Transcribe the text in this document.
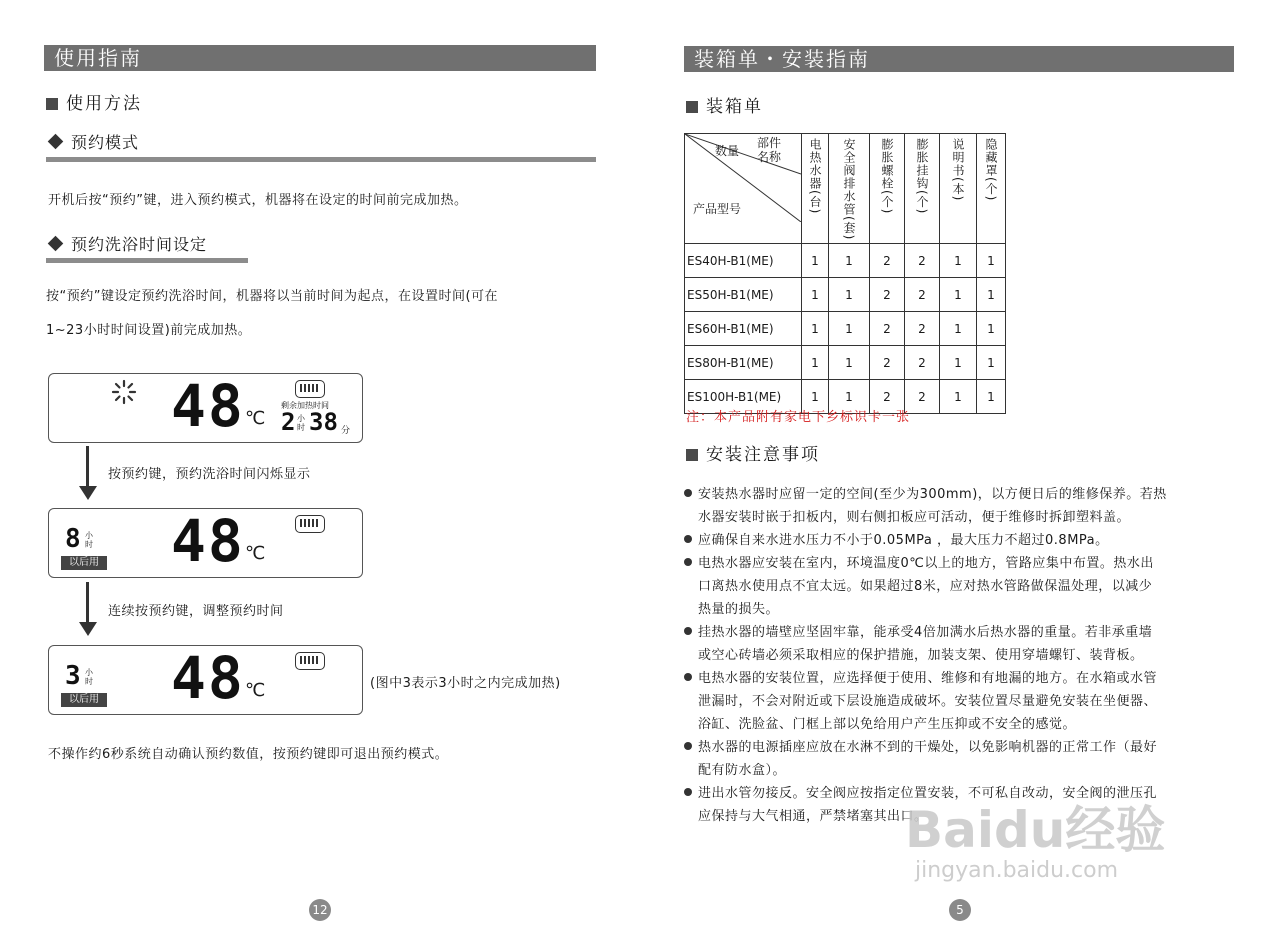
使用指南
使用方法
预约模式
开机后按“预约”键，进入预约模式，机器将在设定的时间前完成加热。
预约洗浴时间设定
按“预约”键设定预约洗浴时间，机器将以当前时间为起点，在设置时间(可在
1~23小时时间设置)前完成加热。
48 ℃
剩余加热时间
2 小时 38 分
按预约键，预约洗浴时间闪烁显示
8 小时
以后用 48 ℃
连续按预约键，调整预约时间
3 小时
以后用 48 ℃	(图中3表示3小时之内完成加热)
不操作约6秒系统自动确认预约数值，按预约键即可退出预约模式。
12
装箱单・安装指南
装箱单
数量
部件名称
产品型号	电热水器(台)	安全阀排水管(套)	膨胀螺栓(个)	膨胀挂钩(个)	说明书(本)	隐藏罩(个)
ES40H-B1(ME)	1	1	2	2	1	1
ES50H-B1(ME)	1	1	2	2	1	1
ES60H-B1(ME)	1	1	2	2	1	1
ES80H-B1(ME)	1	1	2	2	1	1
ES100H-B1(ME)	1	1	2	2	1	1
注：本产品附有家电下乡标识卡一张
安装注意事项
安装热水器时应留一定的空间(至少为300mm)，以方便日后的维修保养。若热
水器安装时嵌于扣板内，则右侧扣板应可活动，便于维修时拆卸塑料盖。
应确保自来水进水压力不小于0.05MPa ，最大压力不超过0.8MPa。
电热水器应安装在室内，环境温度0℃以上的地方，管路应集中布置。热水出
口离热水使用点不宜太远。如果超过8米，应对热水管路做保温处理，以减少
热量的损失。
挂热水器的墙壁应坚固牢靠，能承受4倍加满水后热水器的重量。若非承重墙
或空心砖墙必须采取相应的保护措施，加装支架、使用穿墙螺钉、装背板。
电热水器的安装位置，应选择便于使用、维修和有地漏的地方。在水箱或水管
泄漏时，不会对附近或下层设施造成破坏。安装位置尽量避免安装在坐便器、
浴缸、洗脸盆、门框上部以免给用户产生压抑或不安全的感觉。
热水器的电源插座应放在水淋不到的干燥处，以免影响机器的正常工作（最好
配有防水盒）。
进出水管勿接反。安全阀应按指定位置安装，不可私自改动，安全阀的泄压孔
应保持与大气相通，严禁堵塞其出口。
5
Baidu经验
jingyan.baidu.com
